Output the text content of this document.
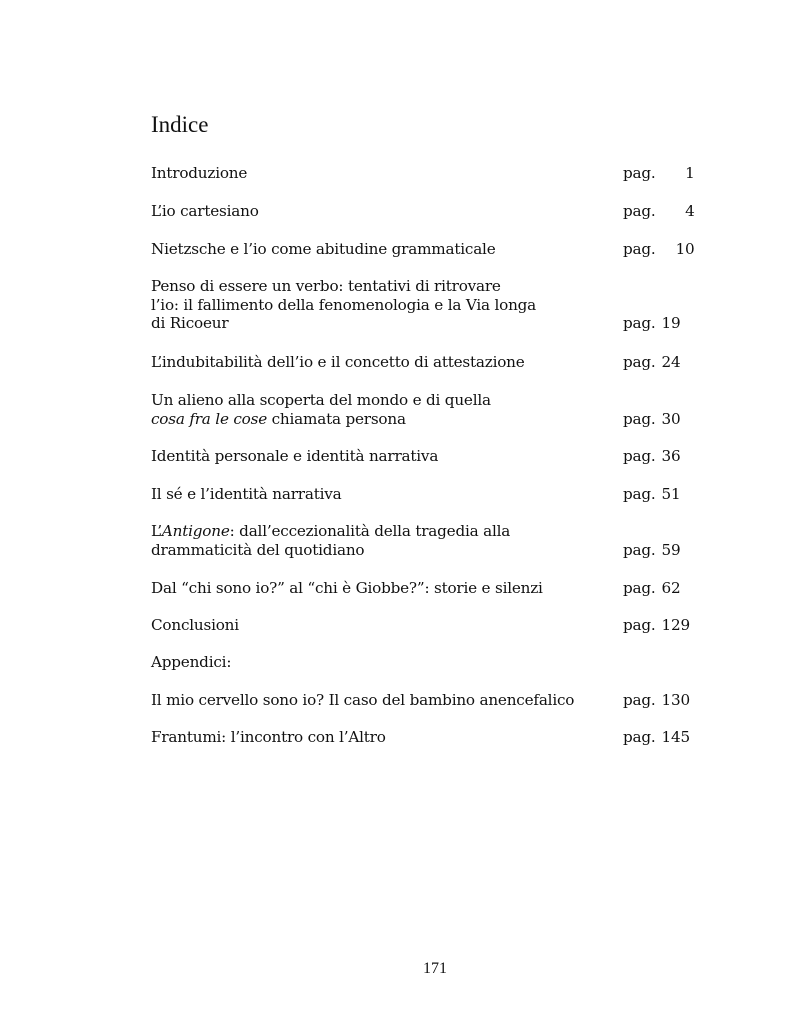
Indice
Introduzione	pag. 1
L’io cartesiano	pag. 4
Nietzsche e l’io come abitudine grammaticale	pag. 10
Penso di essere un verbo: tentativi di ritrovare
l’io: il fallimento della fenomenologia e la Via longa
di Ricoeur	pag. 19
L’indubitabilità dell’io e il concetto di attestazione	pag. 24
Un alieno alla scoperta del mondo e di quella
cosa fra le cose chiamata persona	pag. 30
Identità personale e identità narrativa	pag. 36
Il sé e l’identità narrativa	pag. 51
L’Antigone: dall’eccezionalità della tragedia alla
drammaticità del quotidiano	pag. 59
Dal “chi sono io?” al “chi è Giobbe?”: storie e silenzi	pag. 62
Conclusioni	pag. 129
Appendici:
Il mio cervello sono io? Il caso del bambino anencefalico	pag. 130
Frantumi: l’incontro con l’Altro	pag. 145
171
